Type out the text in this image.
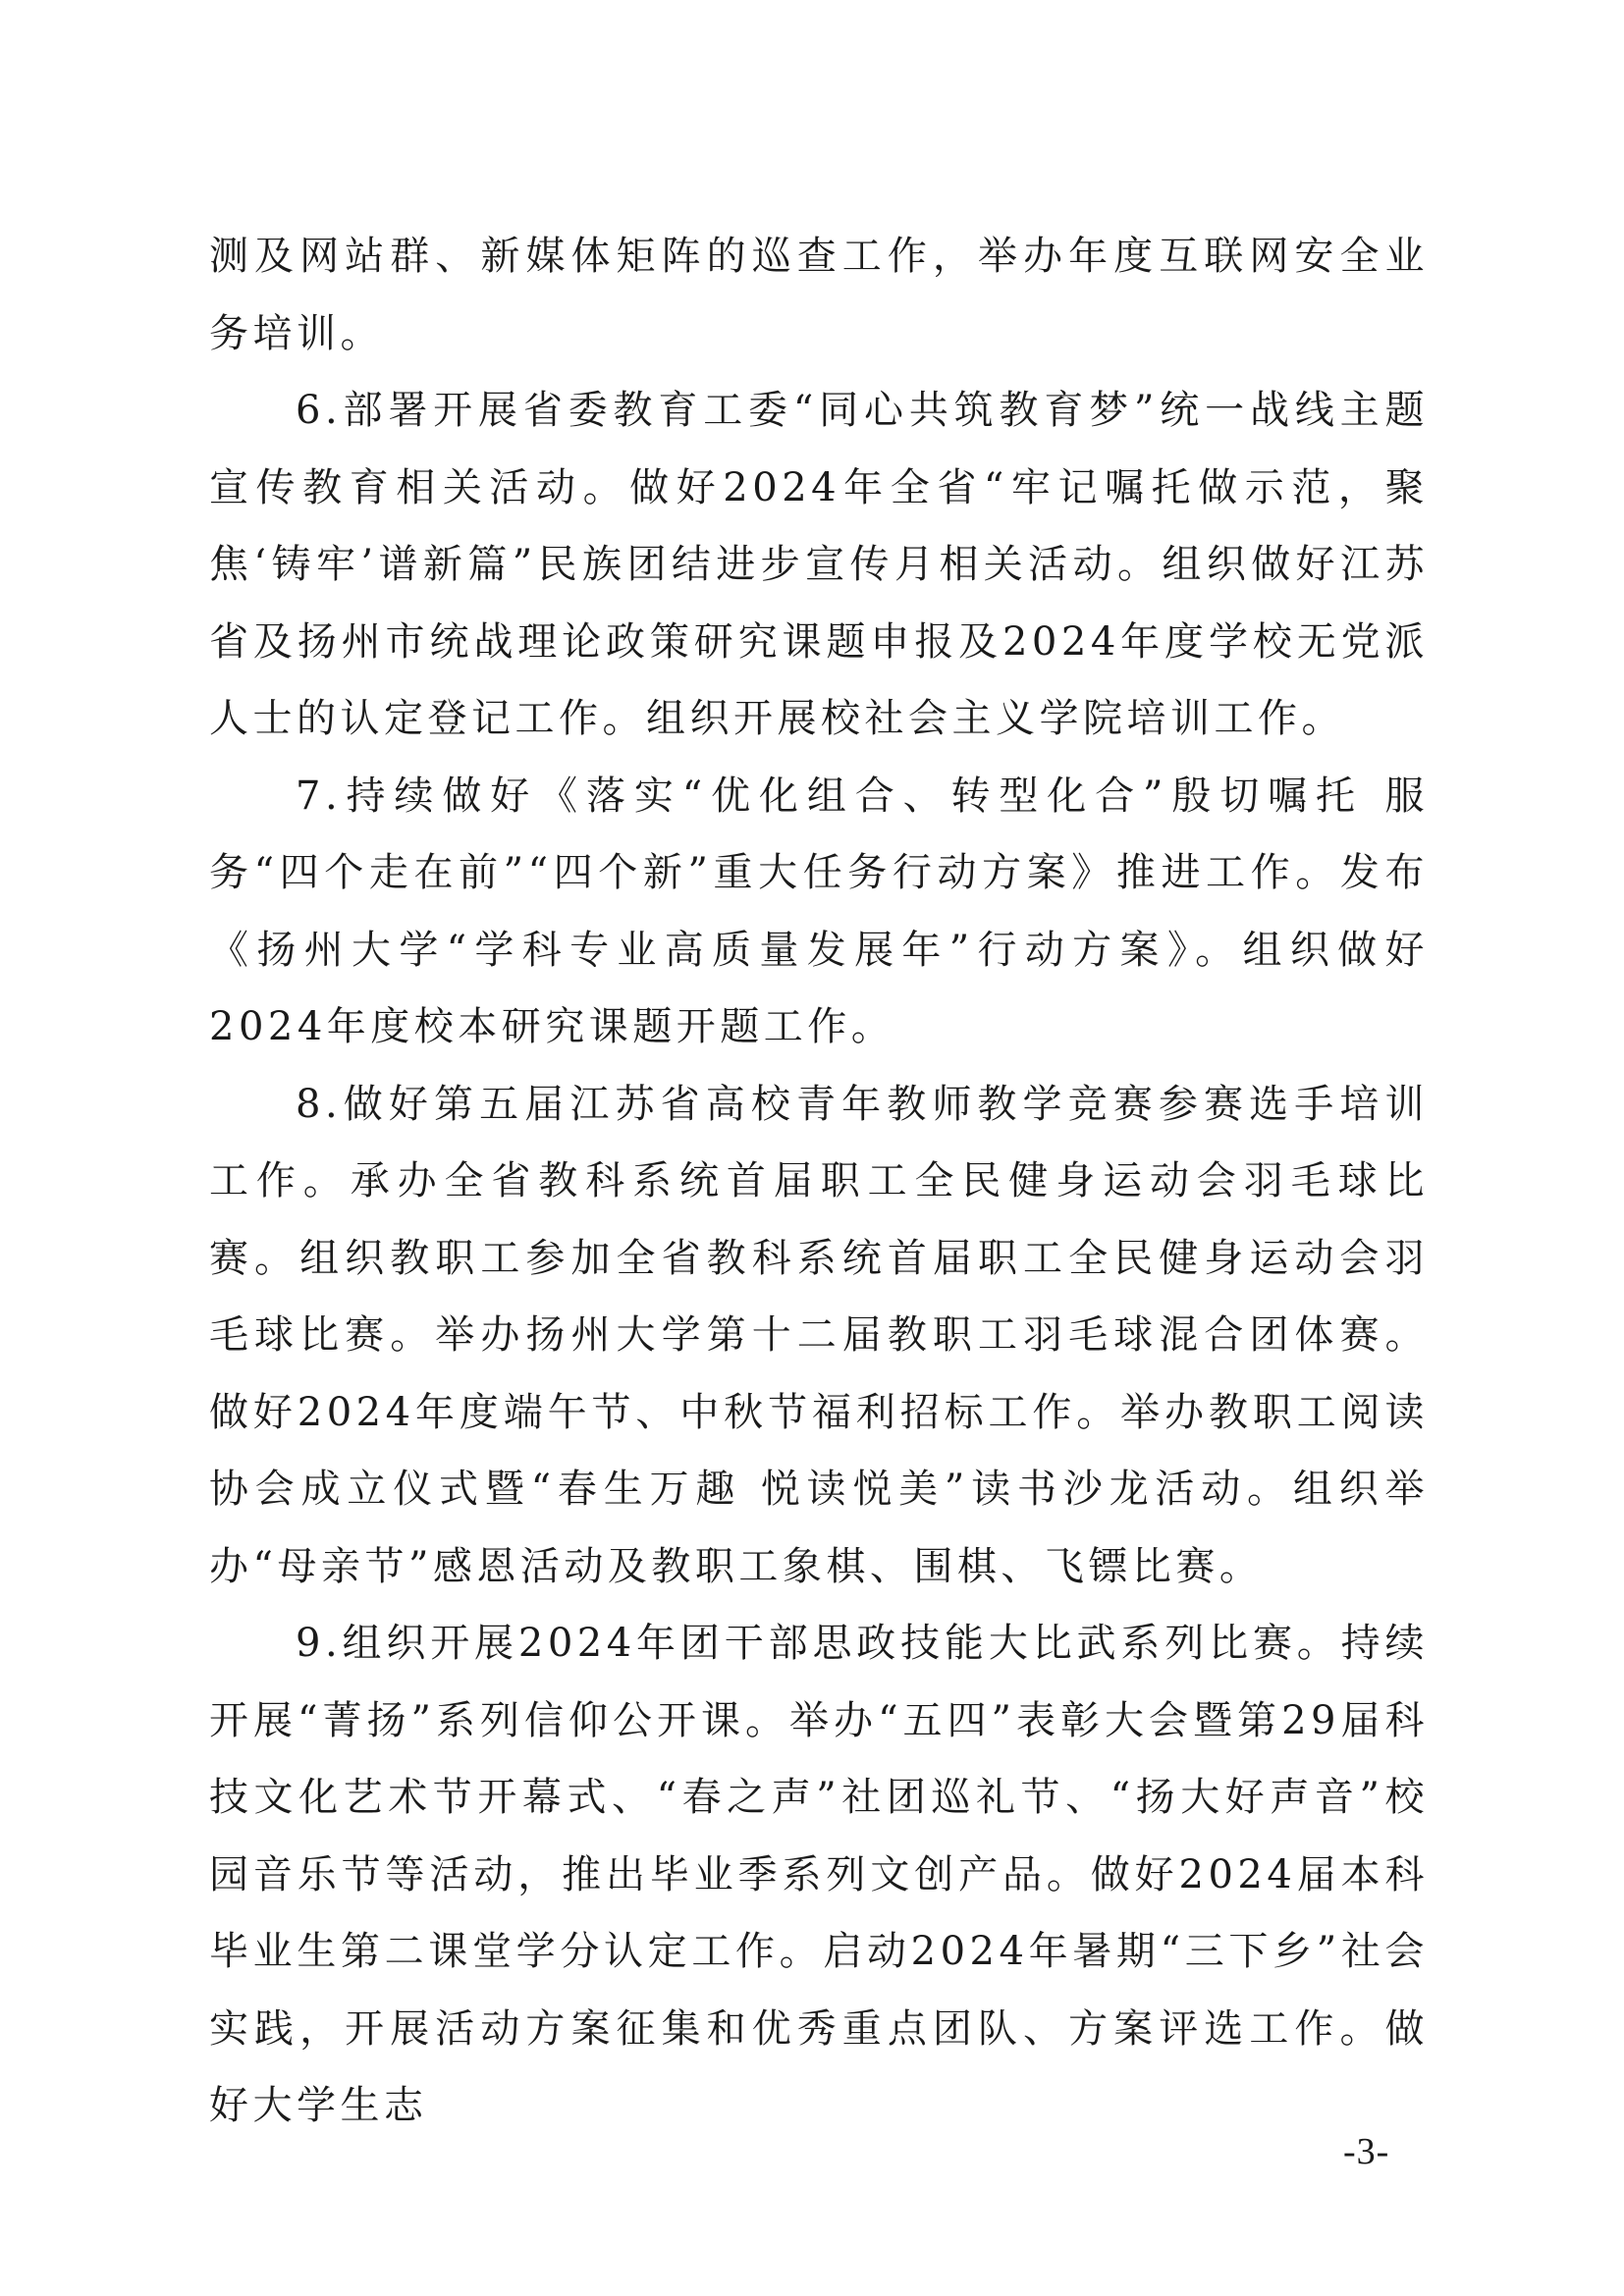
测及网站群、新媒体矩阵的巡查工作，举办年度互联网安全业务培训。

6.部署开展省委教育工委“同心共筑教育梦”统一战线主题宣传教育相关活动。做好2024年全省“牢记嘱托做示范，聚焦‘铸牢’谱新篇”民族团结进步宣传月相关活动。组织做好江苏省及扬州市统战理论政策研究课题申报及2024年度学校无党派人士的认定登记工作。组织开展校社会主义学院培训工作。

7.持续做好《落实“优化组合、转型化合”殷切嘱托 服务“四个走在前”“四个新”重大任务行动方案》推进工作。发布《扬州大学“学科专业高质量发展年”行动方案》。组织做好2024年度校本研究课题开题工作。

8.做好第五届江苏省高校青年教师教学竞赛参赛选手培训工作。承办全省教科系统首届职工全民健身运动会羽毛球比赛。组织教职工参加全省教科系统首届职工全民健身运动会羽毛球比赛。举办扬州大学第十二届教职工羽毛球混合团体赛。做好2024年度端午节、中秋节福利招标工作。举办教职工阅读协会成立仪式暨“春生万趣 悦读悦美”读书沙龙活动。组织举办“母亲节”感恩活动及教职工象棋、围棋、飞镖比赛。

9.组织开展2024年团干部思政技能大比武系列比赛。持续开展“菁扬”系列信仰公开课。举办“五四”表彰大会暨第29届科技文化艺术节开幕式、“春之声”社团巡礼节、“扬大好声音”校园音乐节等活动，推出毕业季系列文创产品。做好2024届本科毕业生第二课堂学分认定工作。启动2024年暑期“三下乡”社会实践，开展活动方案征集和优秀重点团队、方案评选工作。做好大学生志

-3-
